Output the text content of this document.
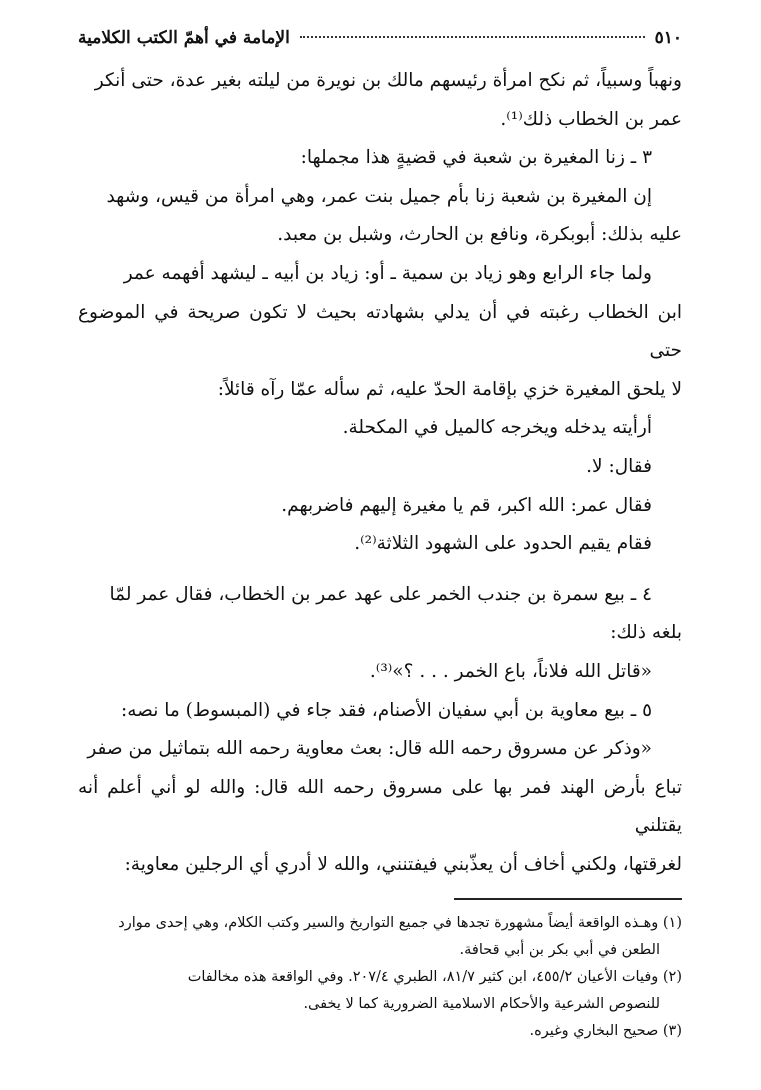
٥١٠
الإمامة في أهمّ الكتب الكلامية

ونهباً وسبياً، ثم نكح امرأة رئيسهم مالك بن نويرة من ليلته بغير عدة، حتى أنكر

عمر بن الخطاب ذلك⁽¹⁾.

٣ ـ زنا المغيرة بن شعبة في قضيةٍ هذا مجملها:

إن المغيرة بن شعبة زنا بأم جميل بنت عمر، وهي امرأة من قيس، وشهد

عليه بذلك: أبوبكرة، ونافع بن الحارث، وشبل بن معبد.

ولما جاء الرابع وهو زياد بن سمية ـ أو: زياد بن أبيه ـ ليشهد أفهمه عمر

ابن الخطاب رغبته في أن يدلي بشهادته بحيث لا تكون صريحة في الموضوع حتى

لا يلحق المغيرة خزي بإقامة الحدّ عليه، ثم سأله عمّا رآه قائلاً:

أرأيته يدخله ويخرجه كالميل في المكحلة.

فقال: لا.

فقال عمر: الله اكبر، قم يا مغيرة إليهم فاضربهم.

فقام يقيم الحدود على الشهود الثلاثة⁽²⁾.

٤ ـ بيع سمرة بن جندب الخمر على عهد عمر بن الخطاب، فقال عمر لمّا

بلغه ذلك:

«قاتل الله فلاناً، باع الخمر . . . ؟»⁽³⁾.

٥ ـ بيع معاوية بن أبي سفيان الأصنام، فقد جاء في (المبسوط) ما نصه:

«وذكر عن مسروق رحمه الله قال: بعث معاوية رحمه الله بتماثيل من صفر

تباع بأرض الهند فمر بها على مسروق رحمه الله قال: والله لو أني أعلم أنه يقتلني

لغرقتها، ولكني أخاف أن يعذّبني فيفتنني، والله لا أدري أي الرجلين معاوية:

(١) وهـذه الواقعة أيضاً مشهورة تجدها في جميع التواريخ والسير وكتب الكلام، وهي إحدى موارد

الطعن في أبي بكر بن أبي قحافة.

(٢) وفيات الأعيان ٤٥٥/٢، ابن كثير ٨١/٧، الطبري ٢٠٧/٤. وفي الواقعة هذه مخالفات

للنصوص الشرعية والأحكام الاسلامية الضرورية كما لا يخفى.

(٣) صحيح البخاري وغيره.
